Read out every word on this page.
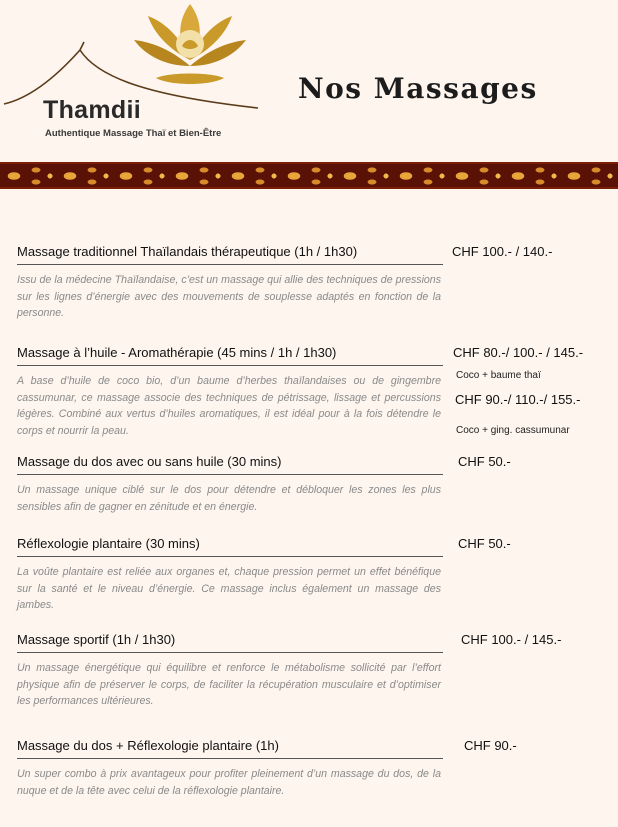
Thamdii
Authentique Massage Thaï et Bien-Être
Nos Massages
Massage traditionnel Thaïlandais thérapeutique (1h / 1h30)
Issu de la médecine Thaïlandaise, c’est un massage qui allie des techniques de pressions sur les lignes d’énergie avec des mouvements de souplesse adaptés en fonction de la personne.
CHF 100.- / 140.-
Massage à l’huile - Aromathérapie (45 mins / 1h / 1h30)
A base d’huile de coco bio, d’un baume d’herbes thaïlandaises ou de gingembre cassumunar, ce massage associe des techniques de pétrissage, lissage et percussions légères. Combiné aux vertus d’huiles aromatiques, il est idéal pour à la fois détendre le corps et nourrir la peau.
CHF 80.-/ 100.- / 145.-
Coco + baume thaï
CHF 90.-/ 110.-/ 155.-
Coco + ging. cassumunar
Massage du dos avec ou sans huile (30 mins)
Un massage unique ciblé sur le dos pour détendre et débloquer les zones les plus sensibles afin de gagner en zénitude et en énergie.
CHF 50.-
Réflexologie plantaire (30 mins)
La voûte plantaire est reliée aux organes et, chaque pression permet un effet bénéfique sur la santé et le niveau d’énergie. Ce massage inclus également un massage des jambes.
CHF 50.-
Massage sportif (1h / 1h30)
Un massage énergétique qui équilibre et renforce le métabolisme sollicité par l’effort physique afin de préserver le corps, de faciliter la récupération musculaire et d’optimiser les performances ultérieures.
CHF 100.- / 145.-
Massage du dos + Réflexologie plantaire (1h)
Un super combo à prix avantageux pour profiter pleinement d’un massage du dos, de la nuque et de la tête avec celui de la réflexologie plantaire.
CHF 90.-
